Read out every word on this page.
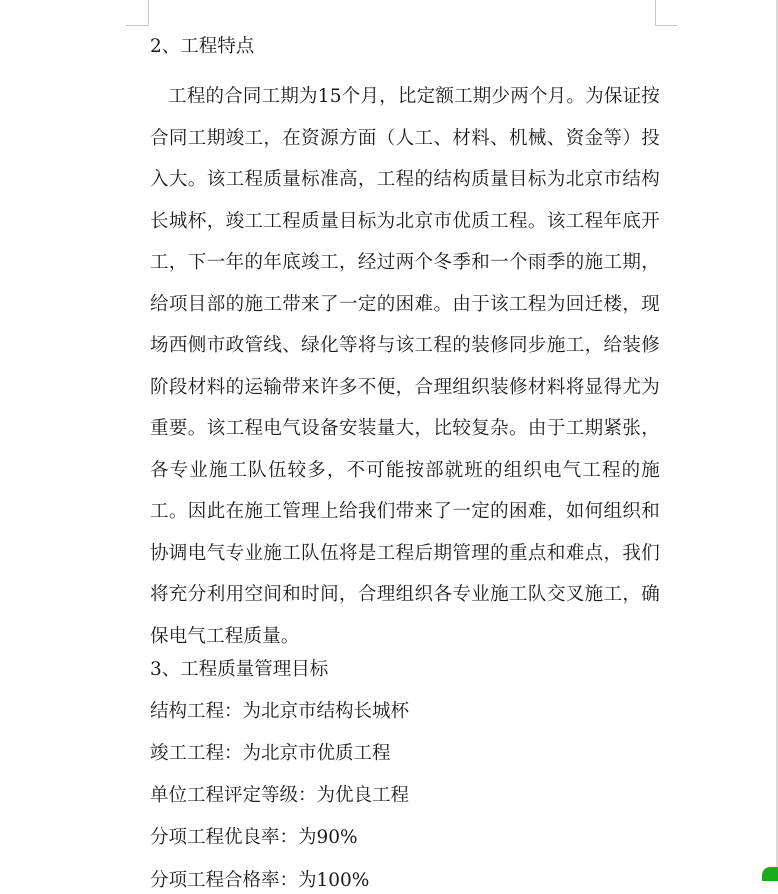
2、工程特点

工程的合同工期为15个月，比定额工期少两个月。为保证按合同工期竣工，在资源方面（人工、材料、机械、资金等）投入大。该工程质量标准高，工程的结构质量目标为北京市结构长城杯，竣工工程质量目标为北京市优质工程。该工程年底开工，下一年的年底竣工，经过两个冬季和一个雨季的施工期，给项目部的施工带来了一定的困难。由于该工程为回迁楼，现场西侧市政管线、绿化等将与该工程的装修同步施工，给装修阶段材料的运输带来许多不便，合理组织装修材料将显得尤为重要。该工程电气设备安装量大，比较复杂。由于工期紧张，各专业施工队伍较多，不可能按部就班的组织电气工程的施工。因此在施工管理上给我们带来了一定的困难，如何组织和协调电气专业施工队伍将是工程后期管理的重点和难点，我们将充分利用空间和时间，合理组织各专业施工队交叉施工，确保电气工程质量。

3、工程质量管理目标

结构工程：为北京市结构长城杯

竣工工程：为北京市优质工程

单位工程评定等级：为优良工程

分项工程优良率：为90%

分项工程合格率：为100%
